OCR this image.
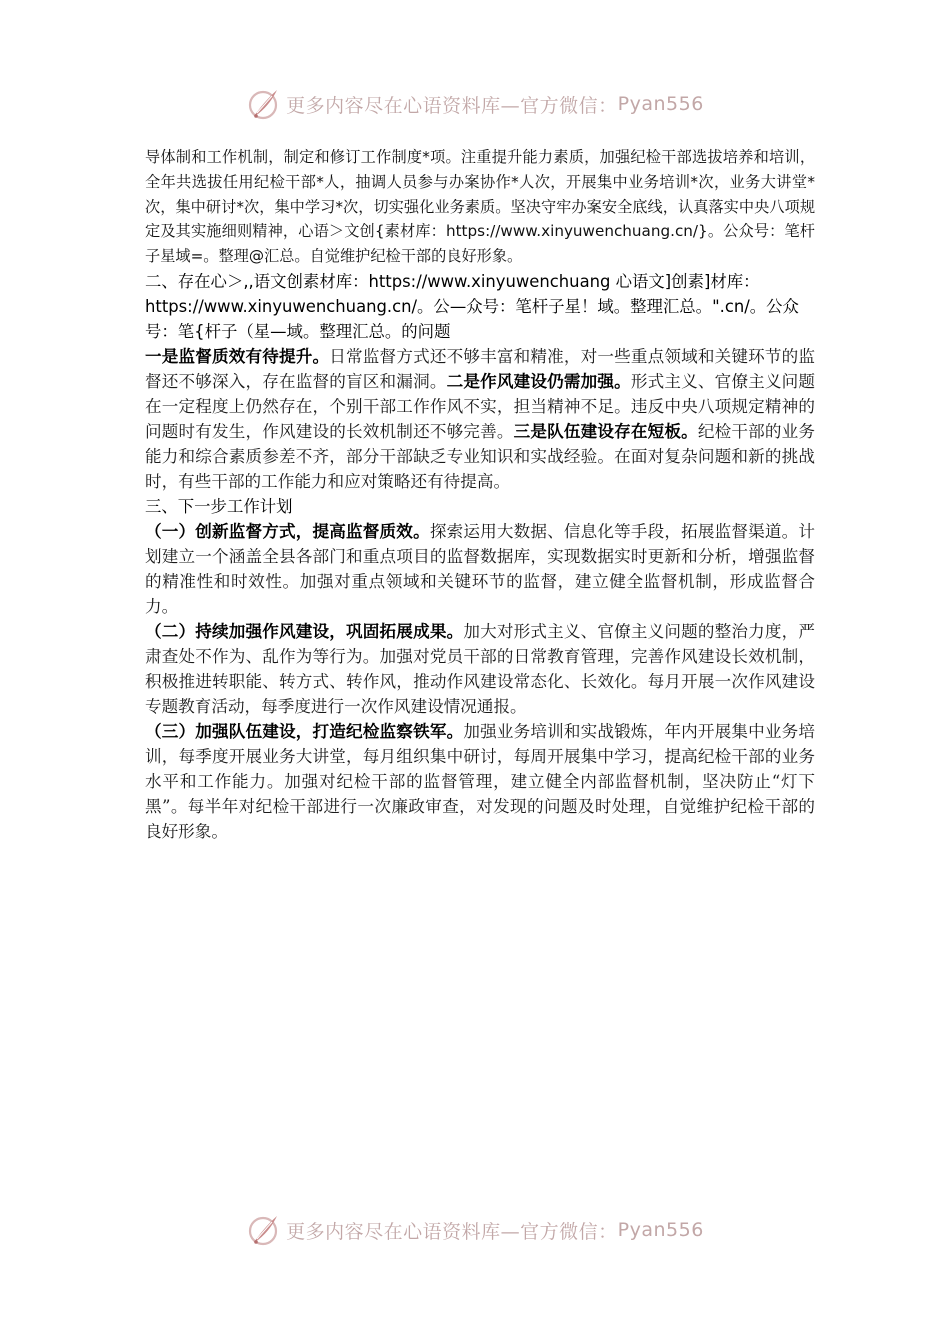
更多内容尽在心语资料库—官方微信： Pyan556

导体制和工作机制，制定和修订工作制度*项。注重提升能力素质，加强纪检干部选拔培养和培训，全年共选拔任用纪检干部*人，抽调人员参与办案协作*人次，开展集中业务培训*次，业务大讲堂*次，集中研讨*次，集中学习*次，切实强化业务素质。坚决守牢办案安全底线，认真落实中央八项规定及其实施细则精神，心语＞文创{素材库：https://www.xinyuwenchuang.cn/}。公众号：笔杆子星域=。整理@汇总。自觉维护纪检干部的良好形象。

二、存在心＞,,语文创素材库：https://www.xinyuwenchuang 心语文]创素]材库：https://www.xinyuwenchuang.cn/。公—众号：笔杆子星！域。整理汇总。".cn/。公众号：笔{杆子（星—域。整理汇总。的问题

一是监督质效有待提升。日常监督方式还不够丰富和精准，对一些重点领域和关键环节的监督还不够深入，存在监督的盲区和漏洞。二是作风建设仍需加强。形式主义、官僚主义问题在一定程度上仍然存在，个别干部工作作风不实，担当精神不足。违反中央八项规定精神的问题时有发生，作风建设的长效机制还不够完善。三是队伍建设存在短板。纪检干部的业务能力和综合素质参差不齐，部分干部缺乏专业知识和实战经验。在面对复杂问题和新的挑战时，有些干部的工作能力和应对策略还有待提高。

三、下一步工作计划

（一）创新监督方式，提高监督质效。探索运用大数据、信息化等手段，拓展监督渠道。计划建立一个涵盖全县各部门和重点项目的监督数据库，实现数据实时更新和分析，增强监督的精准性和时效性。加强对重点领域和关键环节的监督，建立健全监督机制，形成监督合力。

（二）持续加强作风建设，巩固拓展成果。加大对形式主义、官僚主义问题的整治力度，严肃查处不作为、乱作为等行为。加强对党员干部的日常教育管理，完善作风建设长效机制，积极推进转职能、转方式、转作风，推动作风建设常态化、长效化。每月开展一次作风建设专题教育活动，每季度进行一次作风建设情况通报。

（三）加强队伍建设，打造纪检监察铁军。加强业务培训和实战锻炼，年内开展集中业务培训，每季度开展业务大讲堂，每月组织集中研讨，每周开展集中学习，提高纪检干部的业务水平和工作能力。加强对纪检干部的监督管理，建立健全内部监督机制，坚决防止“灯下黑”。每半年对纪检干部进行一次廉政审查，对发现的问题及时处理，自觉维护纪检干部的良好形象。

更多内容尽在心语资料库—官方微信： Pyan556
